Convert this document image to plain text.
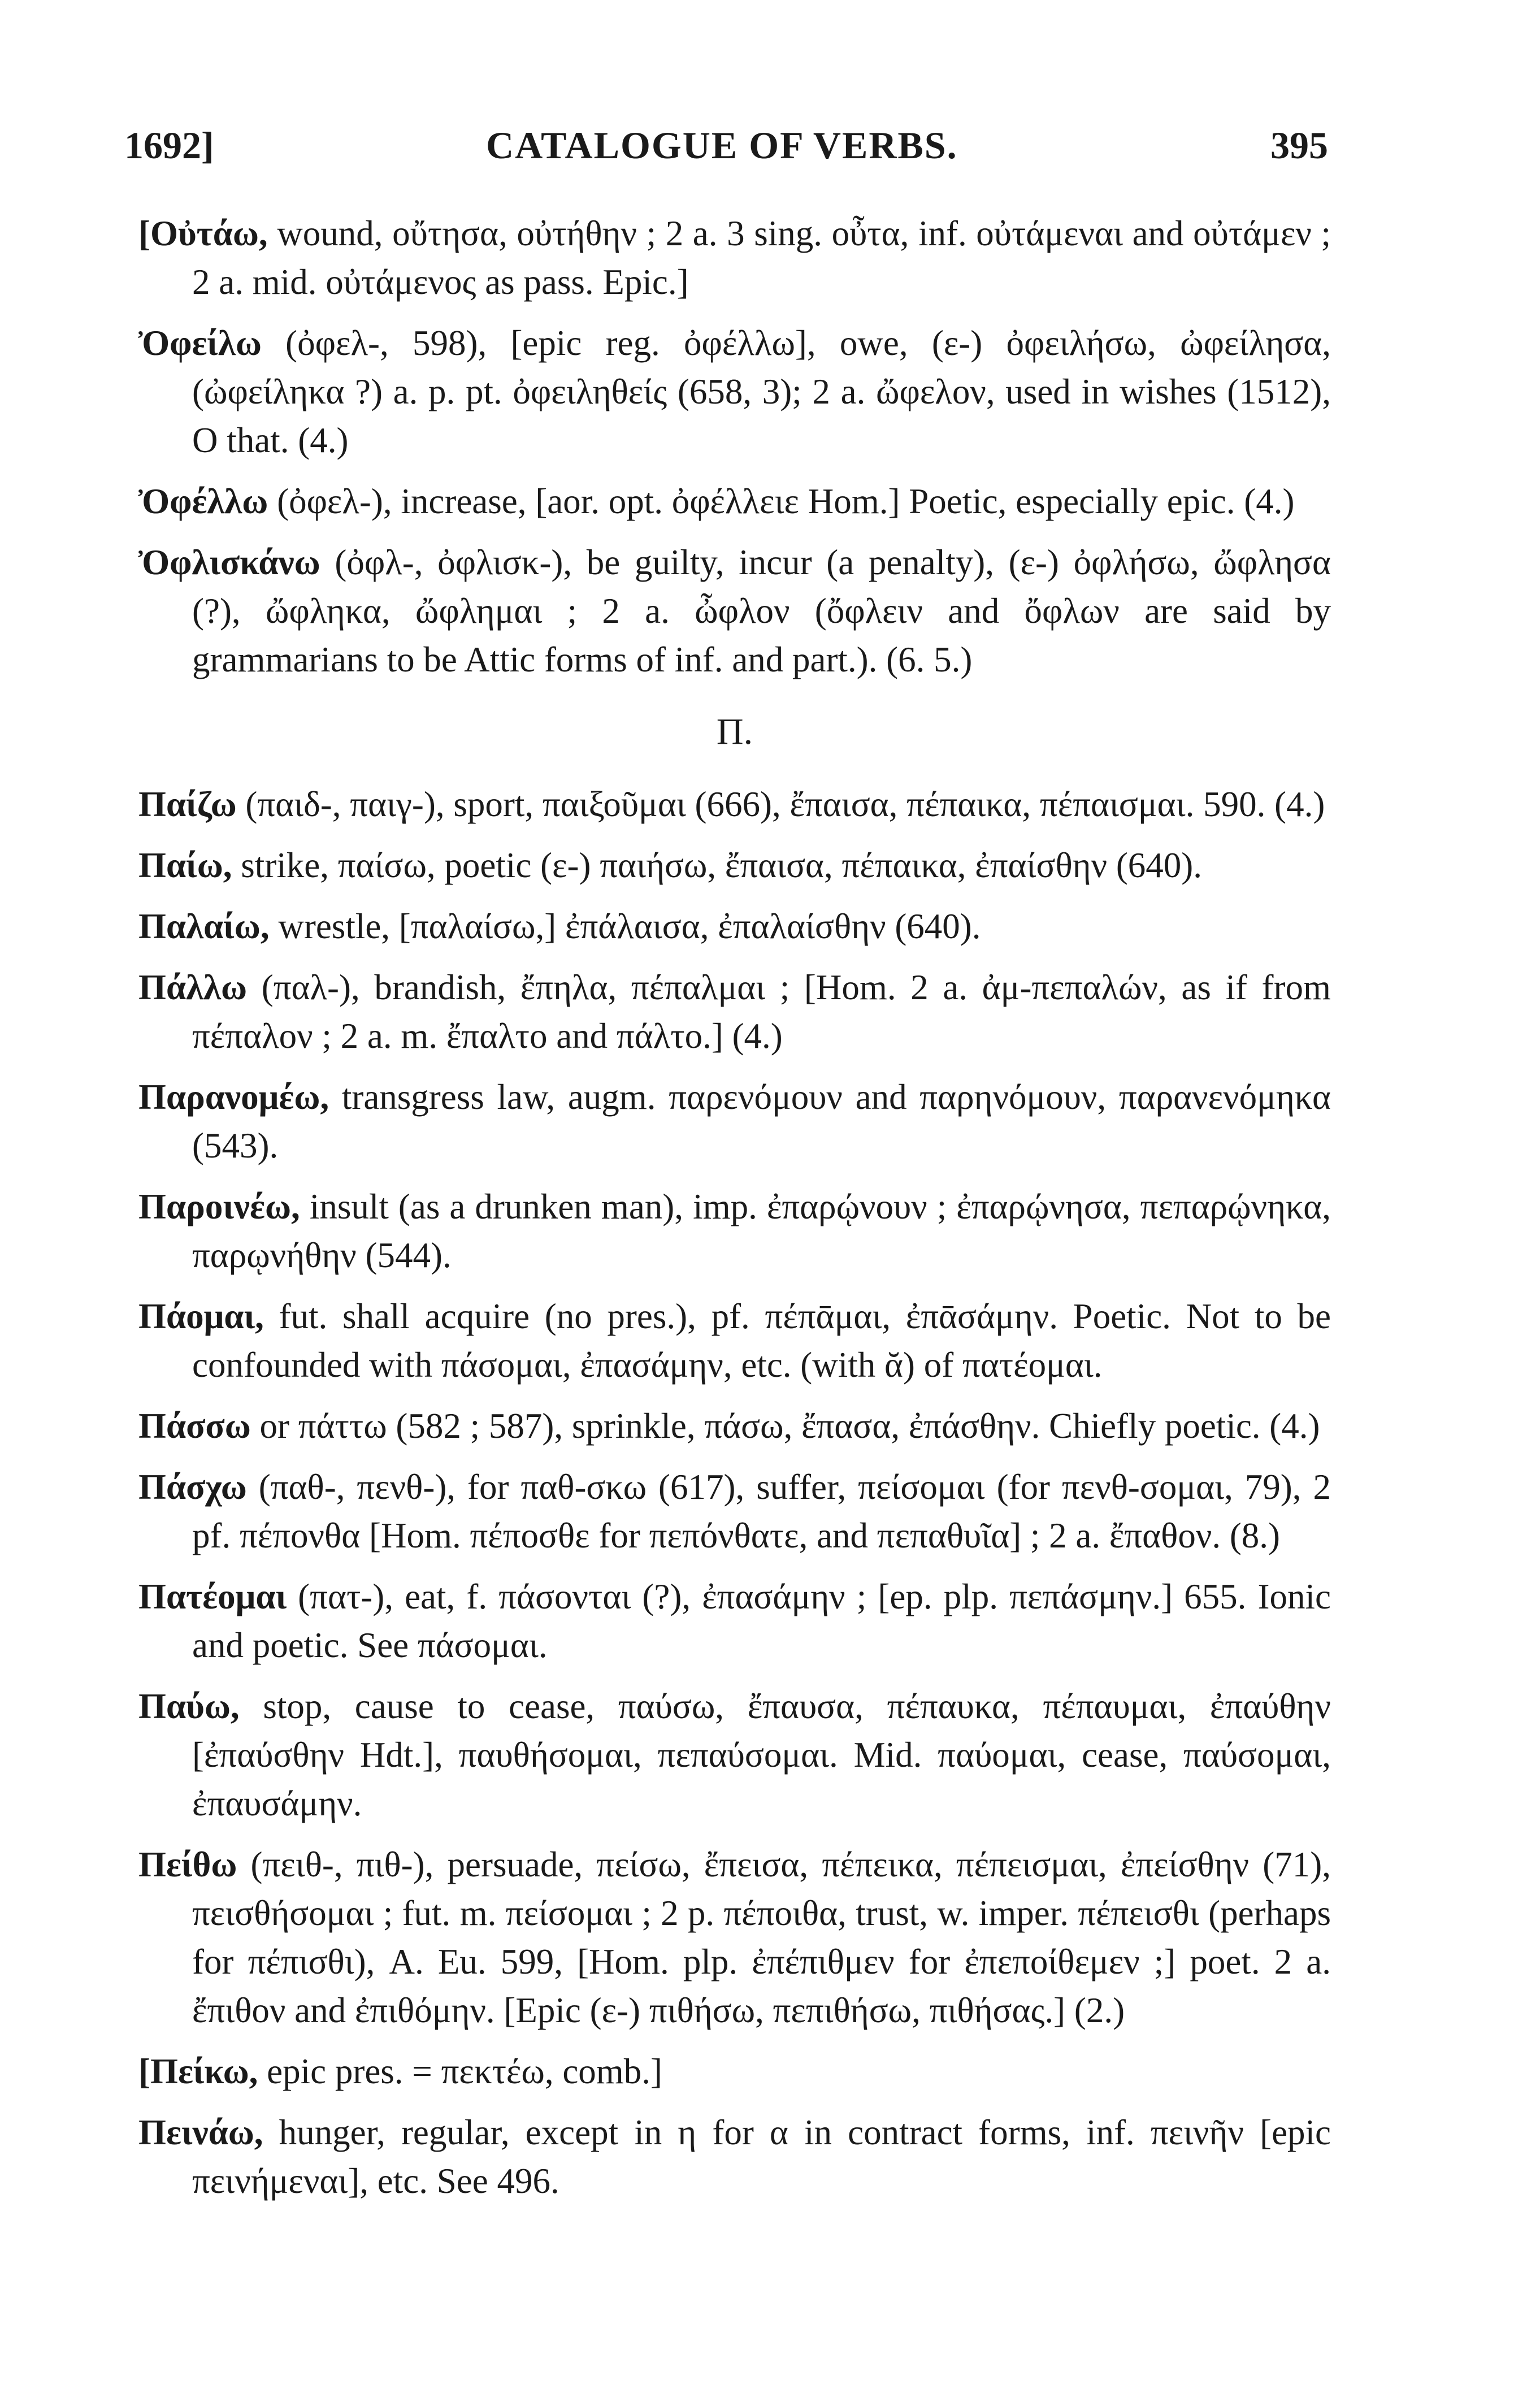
1692]	CATALOGUE OF VERBS.	395
[Οὐτάω, wound, οὔτησα, οὐτήθην ; 2 a. 3 sing. οὖτα, inf. οὐτάμεναι and οὐτάμεν ; 2 a. mid. οὐτάμενος as pass. Epic.]
Ὀφείλω (ὀφελ-, 598), [epic reg. ὀφέλλω], owe, (ε-) ὀφειλήσω, ὠφείλησα, (ὠφείληκα ?) a. p. pt. ὀφειληθείς (658, 3); 2 a. ὤφελον, used in wishes (1512), O that. (4.)
Ὀφέλλω (ὀφελ-), increase, [aor. opt. ὀφέλλειε Hom.] Poetic, especially epic. (4.)
Ὀφλισκάνω (ὀφλ-, ὀφλισκ-), be guilty, incur (a penalty), (ε-) ὀφλήσω, ὤφλησα (?), ὤφληκα, ὤφλημαι ; 2 a. ὦφλον (ὄφλειν and ὄφλων are said by grammarians to be Attic forms of inf. and part.). (6. 5.)
Π.
Παίζω (παιδ-, παιγ-), sport, παιξοῦμαι (666), ἔπαισα, πέπαικα, πέπαισμαι. 590. (4.)
Παίω, strike, παίσω, poetic (ε-) παιήσω, ἔπαισα, πέπαικα, ἐπαίσθην (640).
Παλαίω, wrestle, [παλαίσω,] ἐπάλαισα, ἐπαλαίσθην (640).
Πάλλω (παλ-), brandish, ἔπηλα, πέπαλμαι ; [Hom. 2 a. ἀμ-πεπαλών, as if from πέπαλον ; 2 a. m. ἔπαλτο and πάλτο.] (4.)
Παρανομέω, transgress law, augm. παρενόμουν and παρηνόμουν, παρανενόμηκα (543).
Παροινέω, insult (as a drunken man), imp. ἐπαρῴνουν ; ἐπαρῴνησα, πεπαρῴνηκα, παρῳνήθην (544).
Πάομαι, fut. shall acquire (no pres.), pf. πέπᾱμαι, ἐπᾱσάμην. Poetic. Not to be confounded with πάσομαι, ἐπασάμην, etc. (with ᾰ) of πατέομαι.
Πάσσω or πάττω (582 ; 587), sprinkle, πάσω, ἔπασα, ἐπάσθην. Chiefly poetic. (4.)
Πάσχω (παθ-, πενθ-), for παθ-σκω (617), suffer, πείσομαι (for πενθ-σομαι, 79), 2 pf. πέπονθα [Hom. πέποσθε for πεπόνθατε, and πεπαθυῖα] ; 2 a. ἔπαθον. (8.)
Πατέομαι (πατ-), eat, f. πάσονται (?), ἐπασάμην ; [ep. plp. πεπάσμην.] 655. Ionic and poetic. See πάσομαι.
Παύω, stop, cause to cease, παύσω, ἔπαυσα, πέπαυκα, πέπαυμαι, ἐπαύθην [ἐπαύσθην Hdt.], παυθήσομαι, πεπαύσομαι. Mid. παύομαι, cease, παύσομαι, ἐπαυσάμην.
Πείθω (πειθ-, πιθ-), persuade, πείσω, ἔπεισα, πέπεικα, πέπεισμαι, ἐπείσθην (71), πεισθήσομαι ; fut. m. πείσομαι ; 2 p. πέποιθα, trust, w. imper. πέπεισθι (perhaps for πέπισθι), A. Eu. 599, [Hom. plp. ἐπέπιθμεν for ἐπεποίθεμεν ;] poet. 2 a. ἔπιθον and ἐπιθόμην. [Epic (ε-) πιθήσω, πεπιθήσω, πιθήσας.] (2.)
[Πείκω, epic pres. = πεκτέω, comb.]
Πεινάω, hunger, regular, except in η for α in contract forms, inf. πεινῆν [epic πεινήμεναι], etc. See 496.
